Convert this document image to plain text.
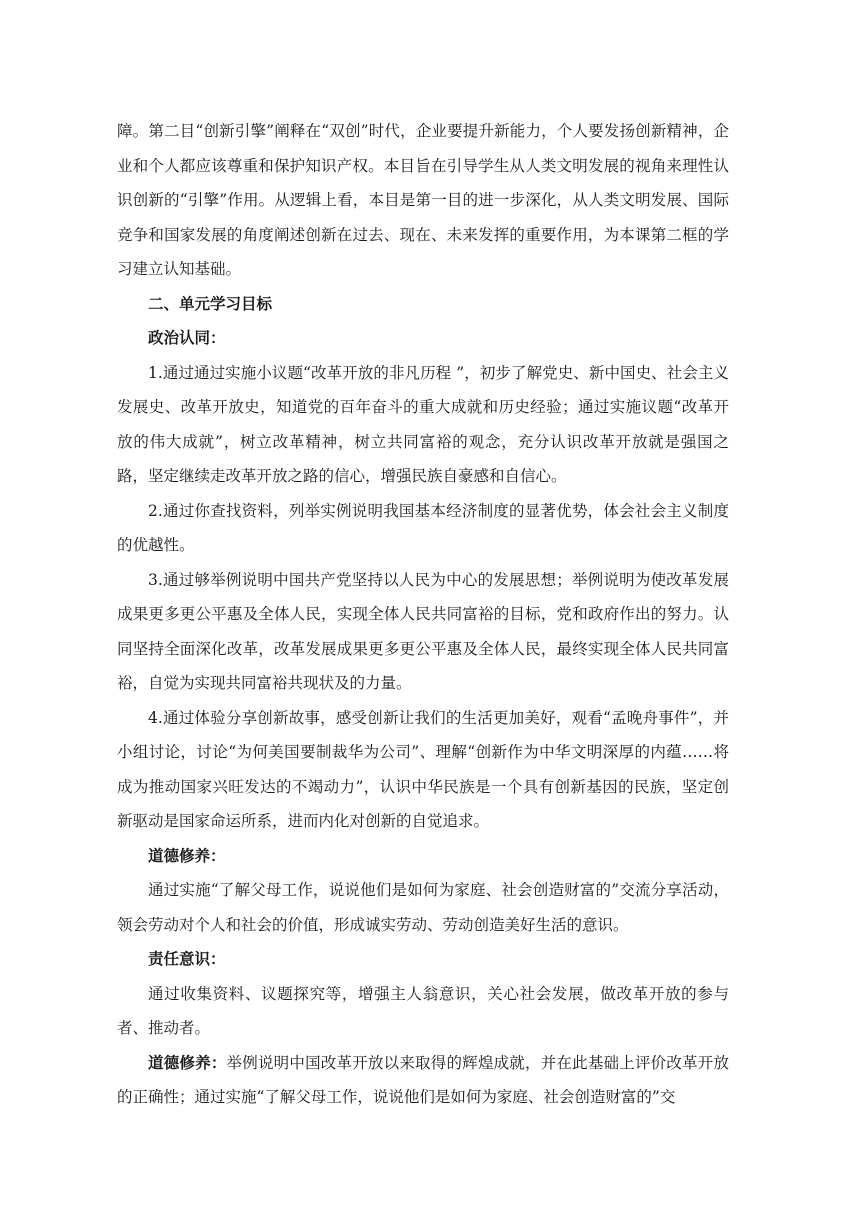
障。第二目“创新引擎”阐释在“双创”时代，企业要提升新能力，个人要发扬创新精神，企业和个人都应该尊重和保护知识产权。本目旨在引导学生从人类文明发展的视角来理性认识创新的“引擎”作用。从逻辑上看，本目是第一目的进一步深化，从人类文明发展、国际竞争和国家发展的角度阐述创新在过去、现在、未来发挥的重要作用，为本课第二框的学习建立认知基础。

二、单元学习目标

政治认同：

1.通过通过实施小议题“改革开放的非凡历程 ”，初步了解党史、新中国史、社会主义发展史、改革开放史，知道党的百年奋斗的重大成就和历史经验；通过实施议题“改革开放的伟大成就”，树立改革精神，树立共同富裕的观念，充分认识改革开放就是强国之路，坚定继续走改革开放之路的信心，增强民族自豪感和自信心。

2.通过你查找资料，列举实例说明我国基本经济制度的显著优势，体会社会主义制度的优越性。

3.通过够举例说明中国共产党坚持以人民为中心的发展思想；举例说明为使改革发展成果更多更公平惠及全体人民，实现全体人民共同富裕的目标，党和政府作出的努力。认同坚持全面深化改革，改革发展成果更多更公平惠及全体人民，最终实现全体人民共同富裕，自觉为实现共同富裕共现状及的力量。

4.通过体验分享创新故事，感受创新让我们的生活更加美好，观看“孟晚舟事件”，并小组讨论，讨论“为何美国要制裁华为公司”、理解“创新作为中华文明深厚的内蕴……将成为推动国家兴旺发达的不竭动力”，认识中华民族是一个具有创新基因的民族，坚定创新驱动是国家命运所系，进而内化对创新的自觉追求。

道德修养：

通过实施“了解父母工作，说说他们是如何为家庭、社会创造财富的”交流分享活动，领会劳动对个人和社会的价值，形成诚实劳动、劳动创造美好生活的意识。

责任意识：

通过收集资料、议题探究等，增强主人翁意识，关心社会发展，做改革开放的参与者、推动者。

道德修养：举例说明中国改革开放以来取得的辉煌成就，并在此基础上评价改革开放的正确性；通过实施“了解父母工作，说说他们是如何为家庭、社会创造财富的”交
